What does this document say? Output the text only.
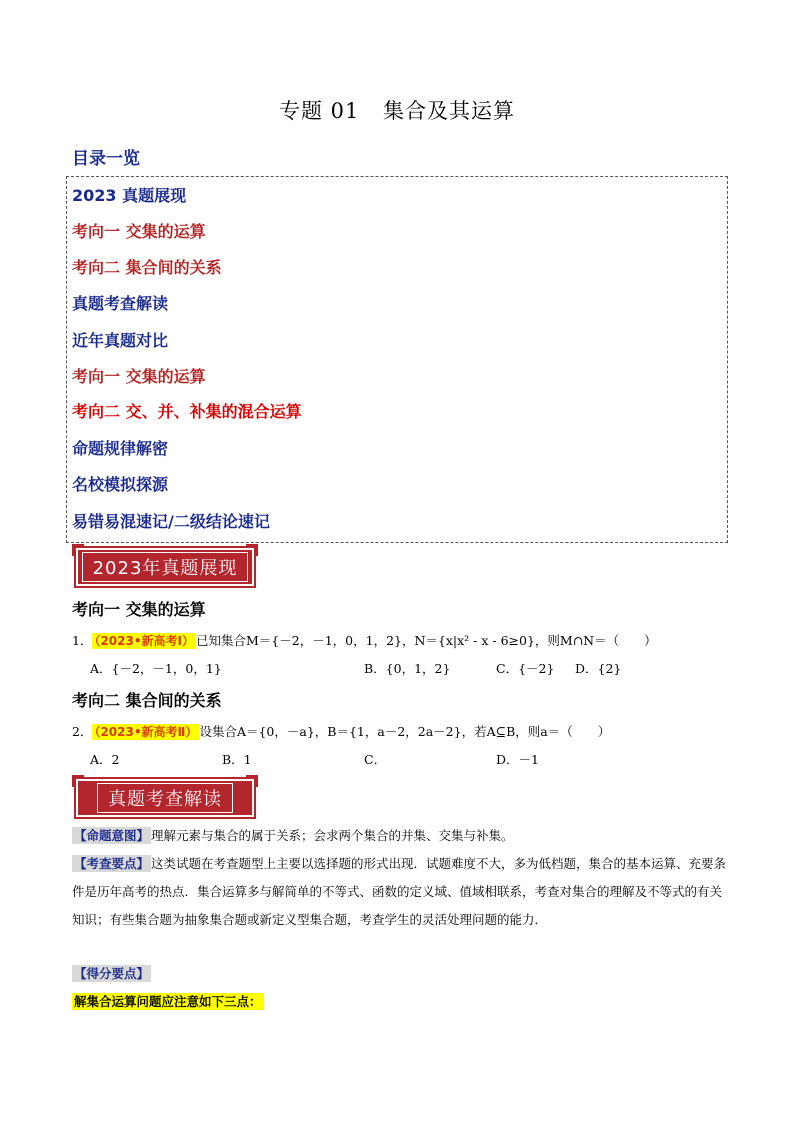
专题 01 集合及其运算
目录一览
2023 真题展现
考向一 交集的运算
考向二 集合间的关系
真题考查解读
近年真题对比
考向一 交集的运算
考向二 交、并、补集的混合运算
命题规律解密
名校模拟探源
易错易混速记/二级结论速记
2023年真题展现
考向一 交集的运算
1． （2023•新高考Ⅰ） 已知集合M＝{－2，－1，0，1，2}，N＝{x|x² - x - 6≥0}，则M∩N＝（　　）
A．{－2，－1，0，1}	B．{0，1，2}	C．{－2} D．{2}
考向二 集合间的关系
2． （2023•新高考Ⅱ） 设集合A＝{0，－a}，B＝{1，a－2，2a－2}，若A⊆B，则a＝（　　）
A．2	B．1	C．	D．－1
真题考查解读
【命题意图】 理解元素与集合的属于关系；会求两个集合的并集、交集与补集。
【考查要点】 这类试题在考查题型上主要以选择题的形式出现．试题难度不大，多为低档题，集合的基本运算、充要条件是历年高考的热点．集合运算多与解简单的不等式、函数的定义域、值域相联系，考查对集合的理解及不等式的有关知识；有些集合题为抽象集合题或新定义型集合题，考查学生的灵活处理问题的能力．
【得分要点】
解集合运算问题应注意如下三点：
